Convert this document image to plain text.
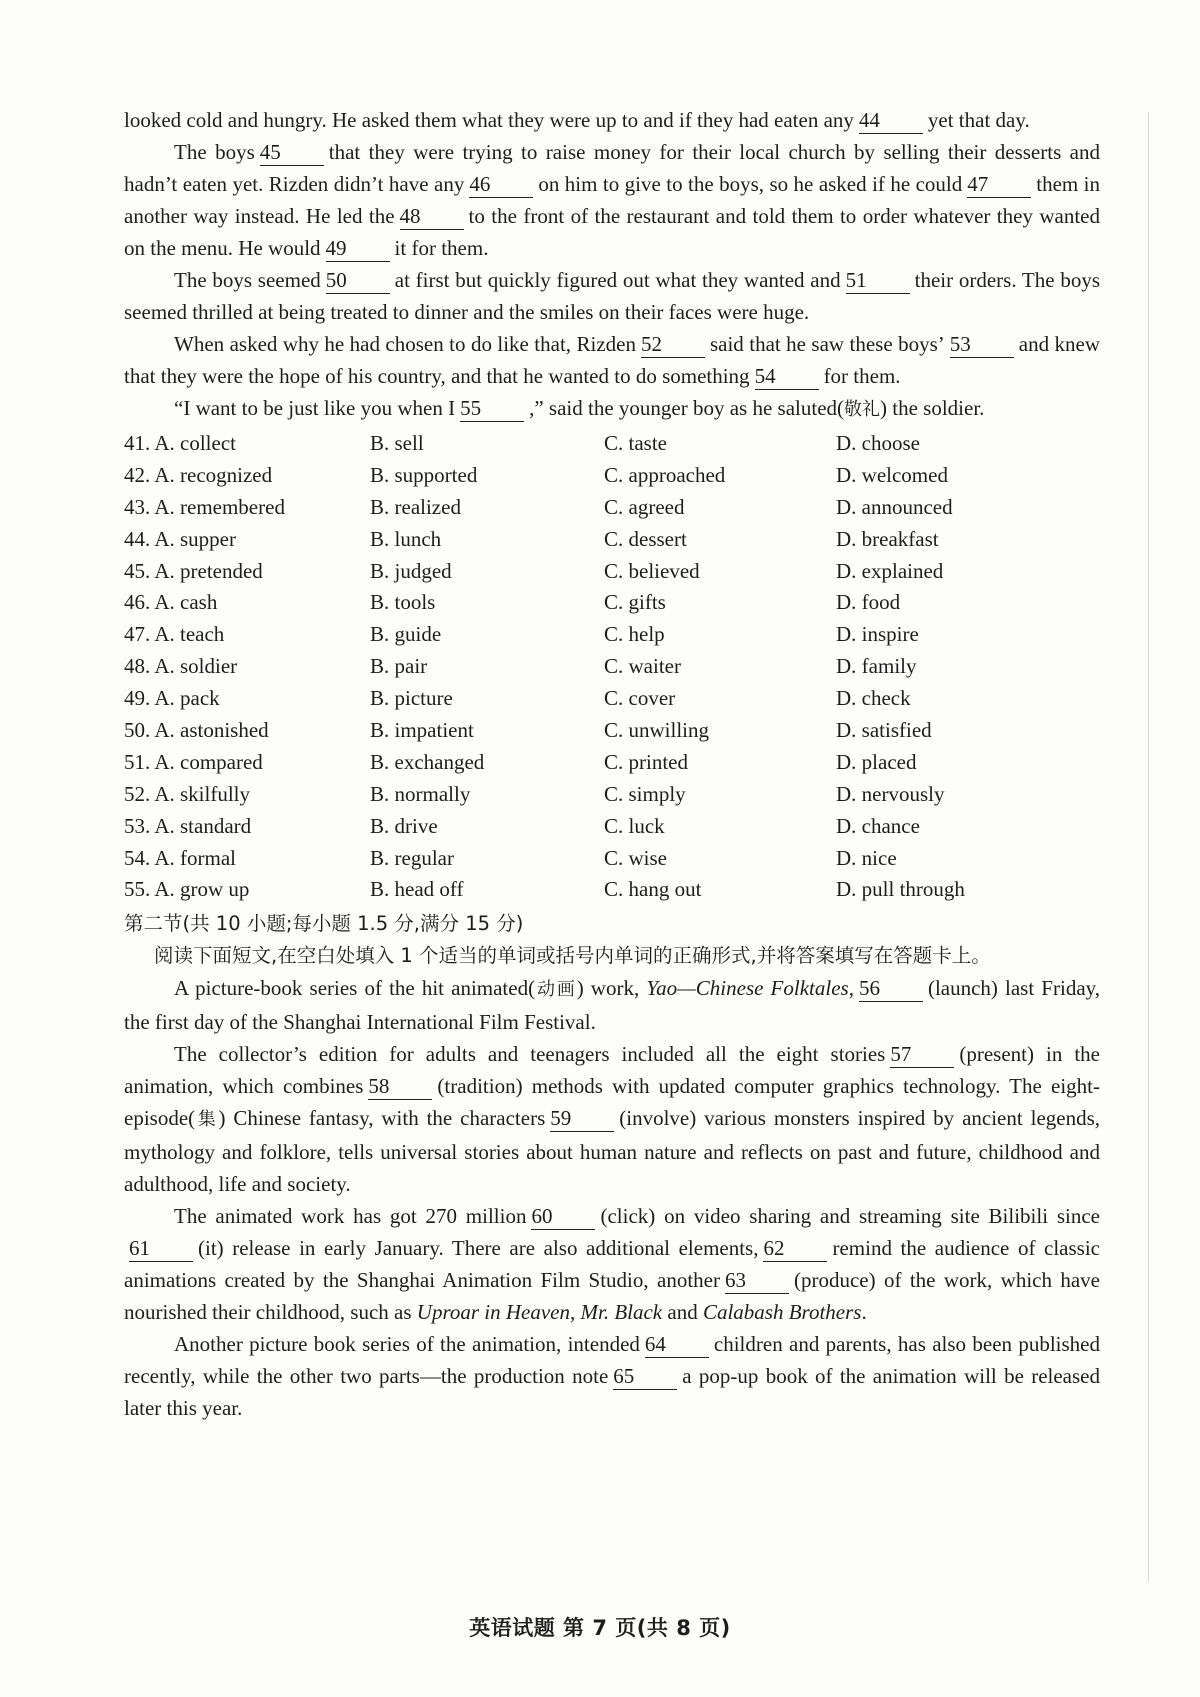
looked cold and hungry. He asked them what they were up to and if they had eaten any 44 yet that day.

The boys 45 that they were trying to raise money for their local church by selling their desserts and hadn’t eaten yet. Rizden didn’t have any 46 on him to give to the boys, so he asked if he could 47 them in another way instead. He led the 48 to the front of the restaurant and told them to order whatever they wanted on the menu. He would 49 it for them.

The boys seemed 50 at first but quickly figured out what they wanted and 51 their orders. The boys seemed thrilled at being treated to dinner and the smiles on their faces were huge.

When asked why he had chosen to do like that, Rizden 52 said that he saw these boys’ 53 and knew that they were the hope of his country, and that he wanted to do something 54 for them.

“I want to be just like you when I 55 ,” said the younger boy as he saluted(敬礼) the soldier.

41. A. collect	B. sell	C. taste	D. choose
42. A. recognized	B. supported	C. approached	D. welcomed
43. A. remembered	B. realized	C. agreed	D. announced
44. A. supper	B. lunch	C. dessert	D. breakfast
45. A. pretended	B. judged	C. believed	D. explained
46. A. cash	B. tools	C. gifts	D. food
47. A. teach	B. guide	C. help	D. inspire
48. A. soldier	B. pair	C. waiter	D. family
49. A. pack	B. picture	C. cover	D. check
50. A. astonished	B. impatient	C. unwilling	D. satisfied
51. A. compared	B. exchanged	C. printed	D. placed
52. A. skilfully	B. normally	C. simply	D. nervously
53. A. standard	B. drive	C. luck	D. chance
54. A. formal	B. regular	C. wise	D. nice
55. A. grow up	B. head off	C. hang out	D. pull through
第二节(共 10 小题;每小题 1.5 分,满分 15 分)

阅读下面短文,在空白处填入 1 个适当的单词或括号内单词的正确形式,并将答案填写在答题卡上。

A picture-book series of the hit animated(动画) work, Yao—Chinese Folktales, 56 (launch) last Friday, the first day of the Shanghai International Film Festival.

The collector’s edition for adults and teenagers included all the eight stories 57 (present) in the animation, which combines 58 (tradition) methods with updated computer graphics technology. The eight-episode(集) Chinese fantasy, with the characters 59 (involve) various monsters inspired by ancient legends, mythology and folklore, tells universal stories about human nature and reflects on past and future, childhood and adulthood, life and society.

The animated work has got 270 million 60 (click) on video sharing and streaming site Bilibili since61 (it) release in early January. There are also additional elements, 62 remind the audience of classic animations created by the Shanghai Animation Film Studio, another 63 (produce) of the work, which have nourished their childhood, such as Uproar in Heaven, Mr. Black and Calabash Brothers.

Another picture book series of the animation, intended 64 children and parents, has also been published recently, while the other two parts—the production note 65 a pop-up book of the animation will be released later this year.

英语试题 第 7 页(共 8 页)
